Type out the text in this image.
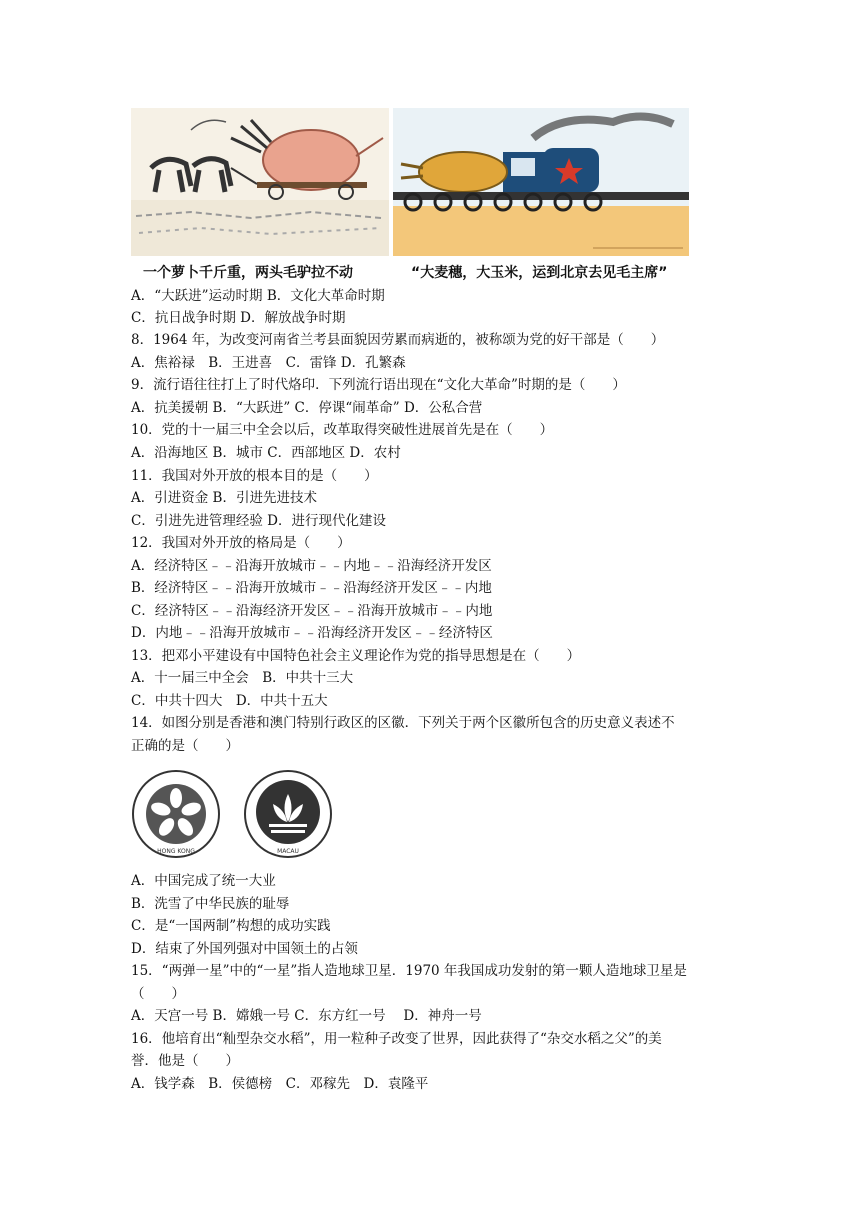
一个萝卜千斤重，两头毛驴拉不动	“大麦穗，大玉米，运到北京去见毛主席”
A．“大跃进”运动时期 B．文化大革命时期
C．抗日战争时期 D．解放战争时期
8．1964 年，为改变河南省兰考县面貌因劳累而病逝的，被称颂为党的好干部是（　　）
A．焦裕禄　B．王进喜　C．雷锋 D．孔繁森
9．流行语往往打上了时代烙印．下列流行语出现在“文化大革命”时期的是（　　）
A．抗美援朝 B．“大跃进” C．停课“闹革命” D．公私合营
10．党的十一届三中全会以后，改革取得突破性进展首先是在（　　）
A．沿海地区 B．城市 C．西部地区 D．农村
11．我国对外开放的根本目的是（　　）
A．引进资金 B．引进先进技术
C．引进先进管理经验 D．进行现代化建设
12．我国对外开放的格局是（　　）
A．经济特区﹣﹣沿海开放城市﹣﹣内地﹣﹣沿海经济开发区
B．经济特区﹣﹣沿海开放城市﹣﹣沿海经济开发区﹣﹣内地
C．经济特区﹣﹣沿海经济开发区﹣﹣沿海开放城市﹣﹣内地
D．内地﹣﹣沿海开放城市﹣﹣沿海经济开发区﹣﹣经济特区
13．把邓小平建设有中国特色社会主义理论作为党的指导思想是在（　　）
A．十一届三中全会　B．中共十三大
C．中共十四大　D．中共十五大
14．如图分别是香港和澳门特别行政区的区徽．下列关于两个区徽所包含的历史意义表述不
正确的是（　　）
HONG KONG	MACAU
A．中国完成了统一大业
B．洗雪了中华民族的耻辱
C．是“一国两制”构想的成功实践
D．结束了外国列强对中国领土的占领
15．“两弹一星”中的“一星”指人造地球卫星．1970 年我国成功发射的第一颗人造地球卫星是
（　　）
A．天宫一号 B．嫦娥一号 C．东方红一号　 D．神舟一号
16．他培育出“籼型杂交水稻”，用一粒种子改变了世界，因此获得了“杂交水稻之父”的美
誉．他是（　　）
A．钱学森　B．侯德榜　C．邓稼先　D．袁隆平
